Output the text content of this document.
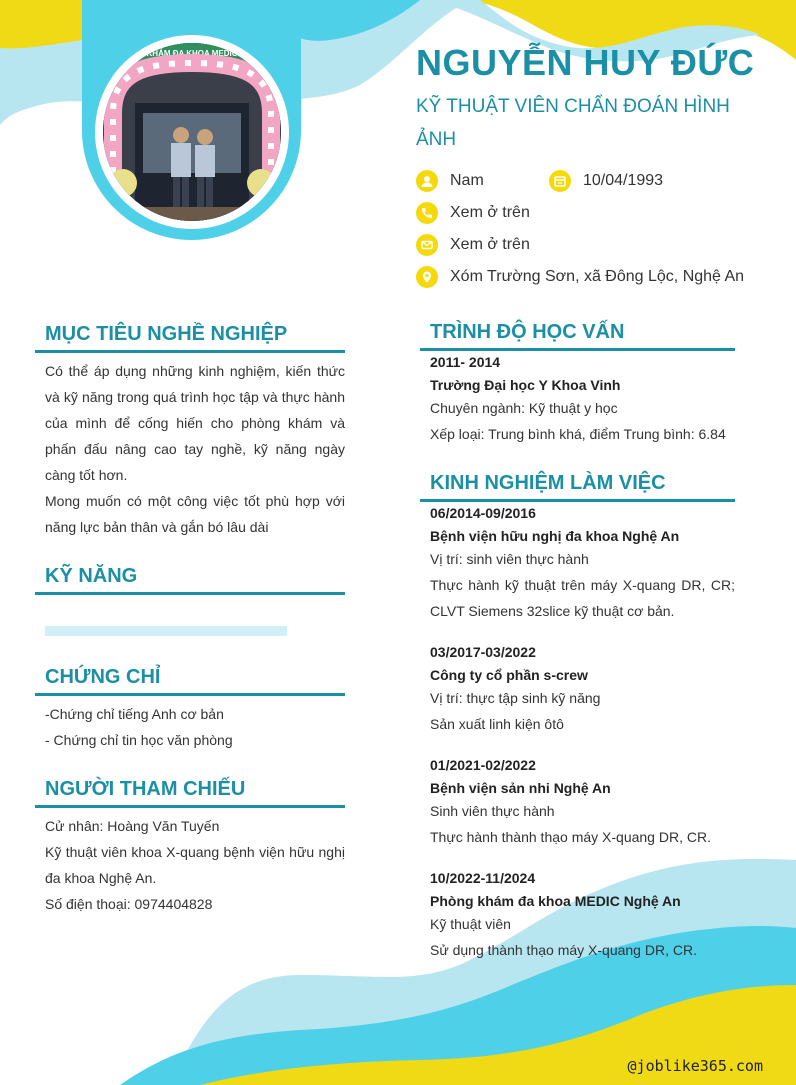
KHÁM ĐA KHOA MEDIC	NGUYỄN HUY ĐỨC
KỸ THUẬT VIÊN CHẨN ĐOÁN HÌNH ẢNH
Nam	10/04/1993
Xem ở trên
Xem ở trên
Xóm Trường Sơn, xã Đông Lộc, Nghệ An
MỤC TIÊU NGHỀ NGHIỆP

Có thể áp dụng những kinh nghiệm, kiến thức và kỹ năng trong quá trình học tập và thực hành của mình để cống hiến cho phòng khám và phấn đấu nâng cao tay nghề, kỹ năng ngày càng tốt hơn.

Mong muốn có một công việc tốt phù hợp với năng lực bản thân và gắn bó lâu dài

KỸ NĂNG
CHỨNG CHỈ

-Chứng chỉ tiếng Anh cơ bản

- Chứng chỉ tin học văn phòng

NGƯỜI THAM CHIẾU

Cử nhân: Hoàng Văn Tuyến

Kỹ thuật viên khoa X-quang bệnh viện hữu nghị đa khoa Nghệ An.

Số điện thoại: 0974404828

TRÌNH ĐỘ HỌC VẤN
2011- 2014
Trường Đại học Y Khoa Vinh
Chuyên ngành: Kỹ thuật y học
Xếp loại: Trung bình khá, điểm Trung bình: 6.84
KINH NGHIỆM LÀM VIỆC
06/2014-09/2016
Bệnh viện hữu nghị đa khoa Nghệ An
Vị trí: sinh viên thực hành
Thực hành kỹ thuật trên máy X-quang DR, CR; CLVT Siemens 32slice kỹ thuật cơ bản.
03/2017-03/2022
Công ty cổ phần s-crew
Vị trí: thực tập sinh kỹ năng
Sản xuất linh kiện ôtô
01/2021-02/2022
Bệnh viện sản nhi Nghệ An
Sinh viên thực hành
Thực hành thành thạo máy X-quang DR, CR.
10/2022-11/2024
Phòng khám đa khoa MEDIC Nghệ An
Kỹ thuật viên
Sử dụng thành thạo máy X-quang DR, CR.
@joblike365.com
